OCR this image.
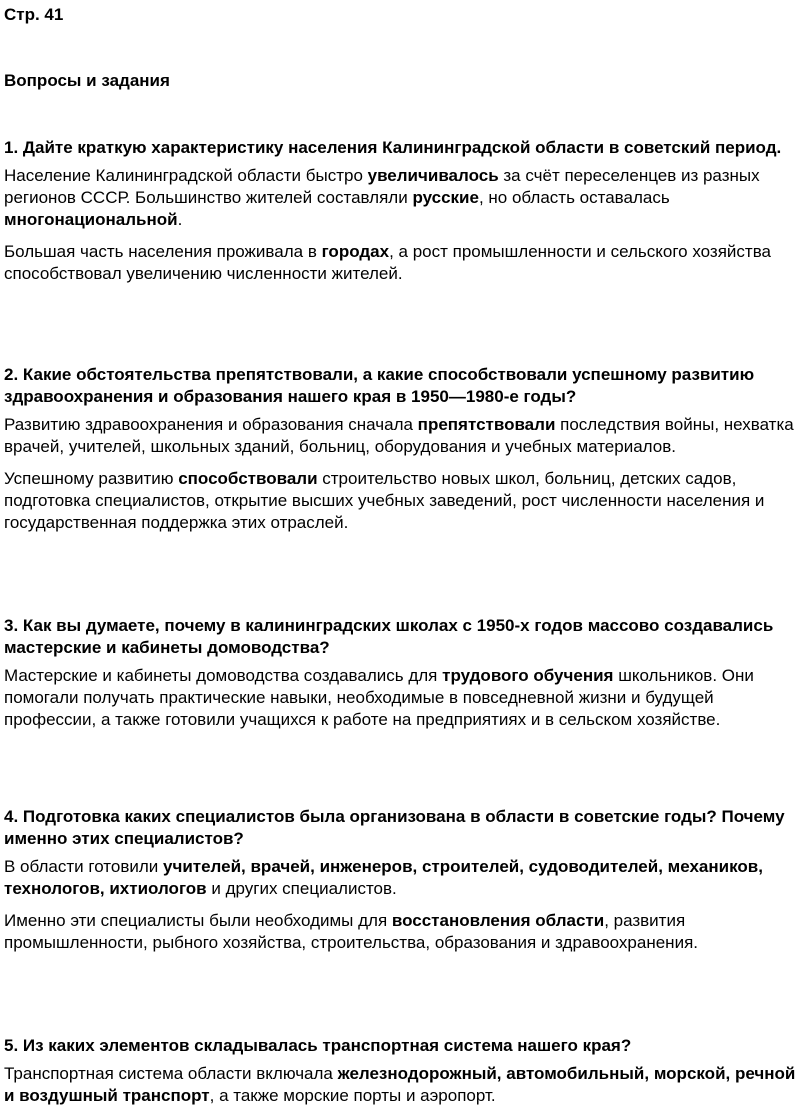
Стр. 41

Вопросы и задания

1. Дайте краткую характеристику населения Калининградской области в советский период.

Население Калининградской области быстро увеличивалось за счёт переселенцев из разных регионов СССР. Большинство жителей составляли русские, но область оставалась многонациональной.

Большая часть населения проживала в городах, а рост промышленности и сельского хозяйства способствовал увеличению численности жителей.

2. Какие обстоятельства препятствовали, а какие способствовали успешному развитию здравоохранения и образования нашего края в 1950—1980-е годы?

Развитию здравоохранения и образования сначала препятствовали последствия войны, нехватка врачей, учителей, школьных зданий, больниц, оборудования и учебных материалов.

Успешному развитию способствовали строительство новых школ, больниц, детских садов, подготовка специалистов, открытие высших учебных заведений, рост численности населения и государственная поддержка этих отраслей.

3. Как вы думаете, почему в калининградских школах с 1950-х годов массово создавались мастерские и кабинеты домоводства?

Мастерские и кабинеты домоводства создавались для трудового обучения школьников. Они помогали получать практические навыки, необходимые в повседневной жизни и будущей профессии, а также готовили учащихся к работе на предприятиях и в сельском хозяйстве.

4. Подготовка каких специалистов была организована в области в советские годы? Почему именно этих специалистов?

В области готовили учителей, врачей, инженеров, строителей, судоводителей, механиков, технологов, ихтиологов и других специалистов.

Именно эти специалисты были необходимы для восстановления области, развития промышленности, рыбного хозяйства, строительства, образования и здравоохранения.

5. Из каких элементов складывалась транспортная система нашего края?

Транспортная система области включала железнодорожный, автомобильный, морской, речной и воздушный транспорт, а также морские порты и аэропорт.
